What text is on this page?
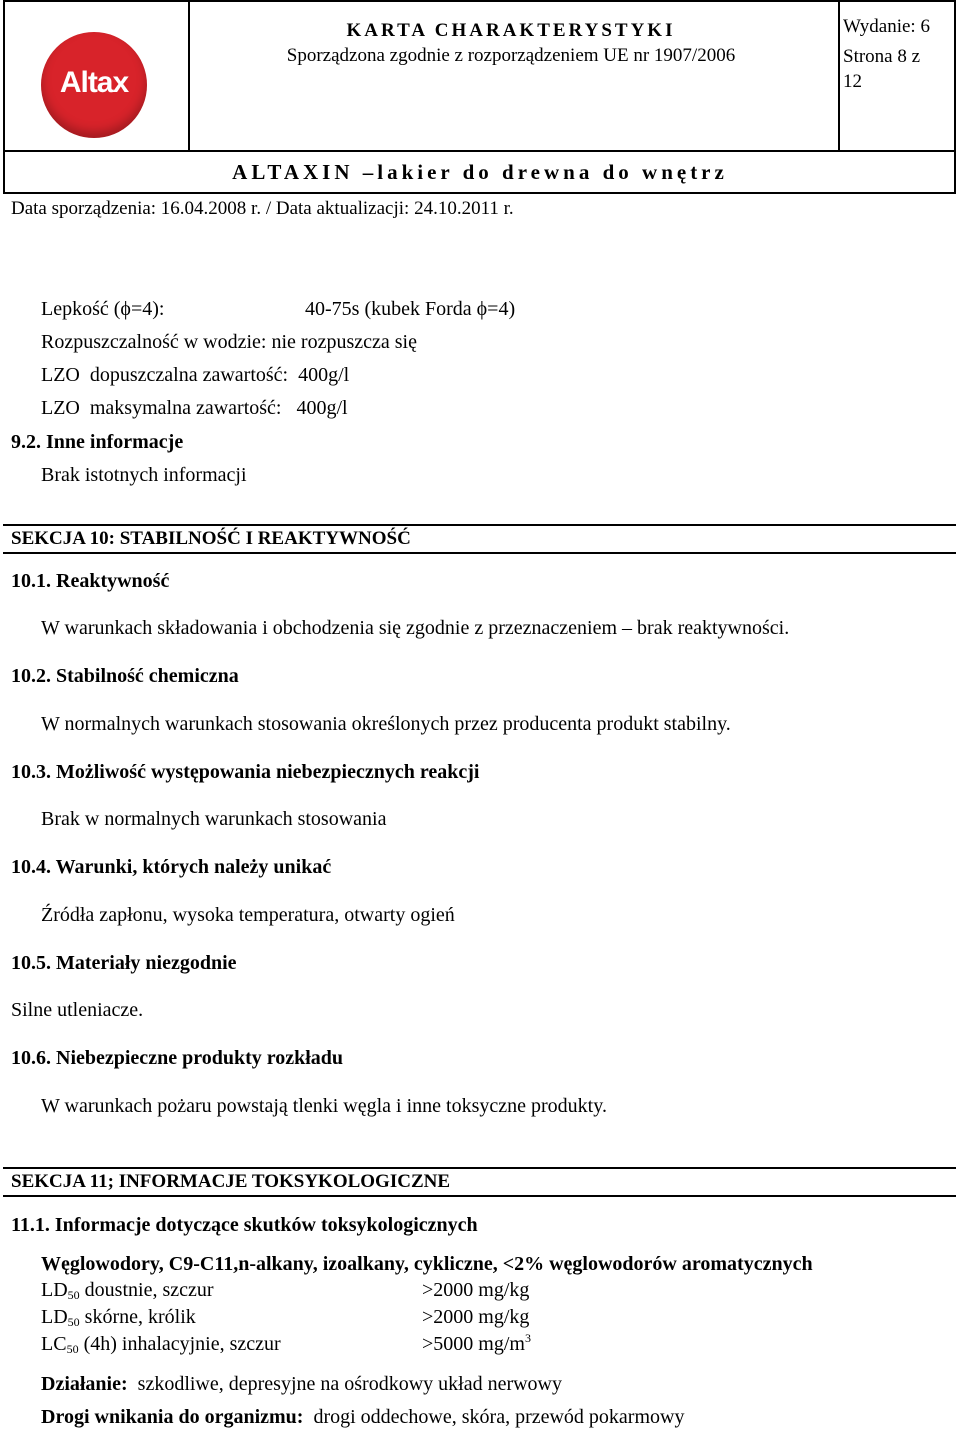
Altax
KARTA CHARAKTERYSTYKI
Sporządzona zgodnie z rozporządzeniem UE nr 1907/2006
Wydanie: 6
Strona 8 z
12
ALTAXIN –lakier do drewna do wnętrz
Data sporządzenia: 16.04.2008 r. / Data aktualizacji: 24.10.2011 r.
Lepkość (ϕ=4):	40-75s (kubek Forda ϕ=4)
Rozpuszczalność w wodzie: nie rozpuszcza się
LZO  dopuszczalna zawartość:  400g/l
LZO  maksymalna zawartość:   400g/l
9.2. Inne informacje
Brak istotnych informacji
SEKCJA 10: STABILNOŚĆ I REAKTYWNOŚĆ
10.1. Reaktywność
W warunkach składowania i obchodzenia się zgodnie z przeznaczeniem – brak reaktywności.
10.2. Stabilność chemiczna
W normalnych warunkach stosowania określonych przez producenta produkt stabilny.
10.3. Możliwość występowania niebezpiecznych reakcji
Brak w normalnych warunkach stosowania
10.4. Warunki, których należy unikać
Źródła zapłonu, wysoka temperatura, otwarty ogień
10.5. Materiały niezgodnie
Silne utleniacze.
10.6. Niebezpieczne produkty rozkładu
W warunkach pożaru powstają tlenki węgla i inne toksyczne produkty.
SEKCJA 11; INFORMACJE TOKSYKOLOGICZNE
11.1. Informacje dotyczące skutków toksykologicznych
Węglowodory, C9-C11,n-alkany, izoalkany, cykliczne, <2% węglowodorów aromatycznych
$LD_{50}$ doustnie, szczur	>2000 mg/kg
$LD_{50}$ skórne, królik	>2000 mg/kg
$LC_{50}$ (4h) inhalacyjnie, szczur	>5000 $mg/m^3$
Działanie: szkodliwe, depresyjne na ośrodkowy układ nerwowy
Drogi wnikania do organizmu: drogi oddechowe, skóra, przewód pokarmowy
